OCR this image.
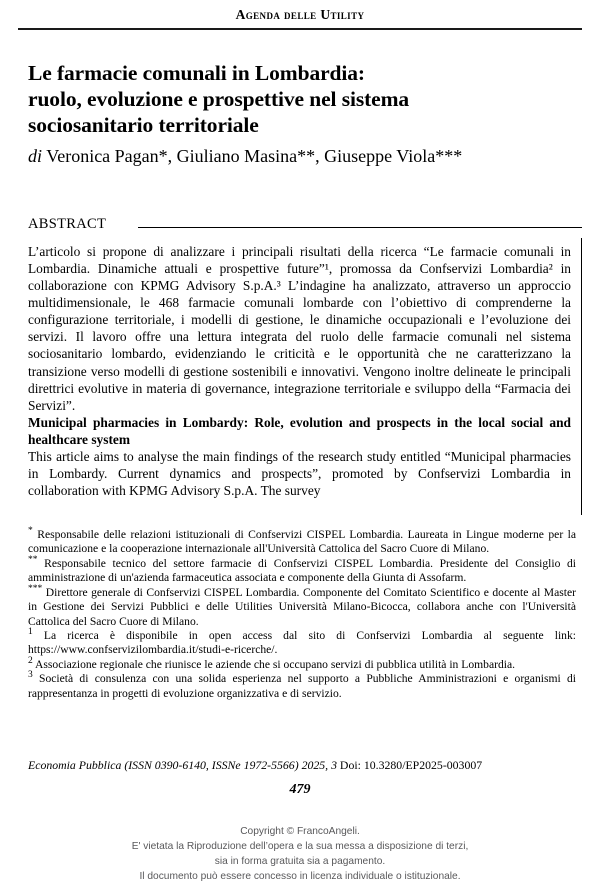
Agenda delle Utility
Le farmacie comunali in Lombardia:
ruolo, evoluzione e prospettive nel sistema
sociosanitario territoriale
di Veronica Pagan*, Giuliano Masina**, Giuseppe Viola***
ABSTRACT

L’articolo si propone di analizzare i principali risultati della ricerca “Le farmacie comunali in Lombardia. Dinamiche attuali e prospettive future”¹, promossa da Confservizi Lombardia² in collaborazione con KPMG Advisory S.p.A.³ L’indagine ha analizzato, attraverso un approccio multidimensionale, le 468 farmacie comunali lombarde con l’obiettivo di comprenderne la configurazione territoriale, i modelli di gestione, le dinamiche occupazionali e l’evoluzione dei servizi. Il lavoro offre una lettura integrata del ruolo delle farmacie comunali nel sistema sociosanitario lombardo, evidenziando le criticità e le opportunità che ne caratterizzano la transizione verso modelli di gestione sostenibili e innovativi. Vengono inoltre delineate le principali direttrici evolutive in materia di governance, integrazione territoriale e sviluppo della “Farmacia dei Servizi”.

Municipal pharmacies in Lombardy: Role, evolution and prospects in the local social and healthcare system

This article aims to analyse the main findings of the research study entitled “Municipal pharmacies in Lombardy. Current dynamics and prospects”, promoted by Confservizi Lombardia in collaboration with KPMG Advisory S.p.A. The survey

* Responsabile delle relazioni istituzionali di Confservizi CISPEL Lombardia. Laureata in Lingue moderne per la comunicazione e la cooperazione internazionale all'Università Cattolica del Sacro Cuore di Milano.

** Responsabile tecnico del settore farmacie di Confservizi CISPEL Lombardia. Presidente del Consiglio di amministrazione di un'azienda farmaceutica associata e componente della Giunta di Assofarm.

*** Direttore generale di Confservizi CISPEL Lombardia. Componente del Comitato Scientifico e docente al Master in Gestione dei Servizi Pubblici e delle Utilities Università Milano-Bicocca, collabora anche con l'Università Cattolica del Sacro Cuore di Milano.

$^1$ La ricerca è disponibile in open access dal sito di Confservizi Lombardia al seguente link: https://www.confservizilombardia.it/studi-e-ricerche/.

$^2$ Associazione regionale che riunisce le aziende che si occupano servizi di pubblica utilità in Lombardia.

$^3$ Società di consulenza con una solida esperienza nel supporto a Pubbliche Amministrazioni e organismi di rappresentanza in progetti di evoluzione organizzativa e di servizio.

Economia Pubblica (ISSN 0390-6140, ISSNe 1972-5566) 2025, 3 Doi: 10.3280/EP2025-003007
479
Copyright © FrancoAngeli.
E' vietata la Riproduzione dell’opera e la sua messa a disposizione di terzi,
sia in forma gratuita sia a pagamento.
Il documento può essere concesso in licenza individuale o istituzionale.
